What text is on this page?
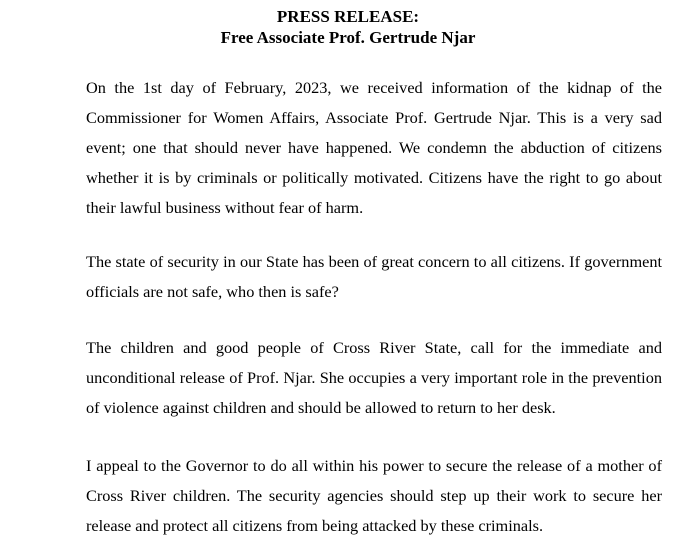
PRESS RELEASE:
Free Associate Prof. Gertrude Njar

On the 1st day of February, 2023, we received information of the kidnap of the Commissioner for Women Affairs, Associate Prof. Gertrude Njar. This is a very sad event; one that should never have happened. We condemn the abduction of citizens whether it is by criminals or politically motivated. Citizens have the right to go about their lawful business without fear of harm.

The state of security in our State has been of great concern to all citizens. If government officials are not safe, who then is safe?

The children and good people of Cross River State, call for the immediate and unconditional release of Prof. Njar. She occupies a very important role in the prevention of violence against children and should be allowed to return to her desk.

I appeal to the Governor to do all within his power to secure the release of a mother of Cross River children. The security agencies should step up their work to secure her release and protect all citizens from being attacked by these criminals.
